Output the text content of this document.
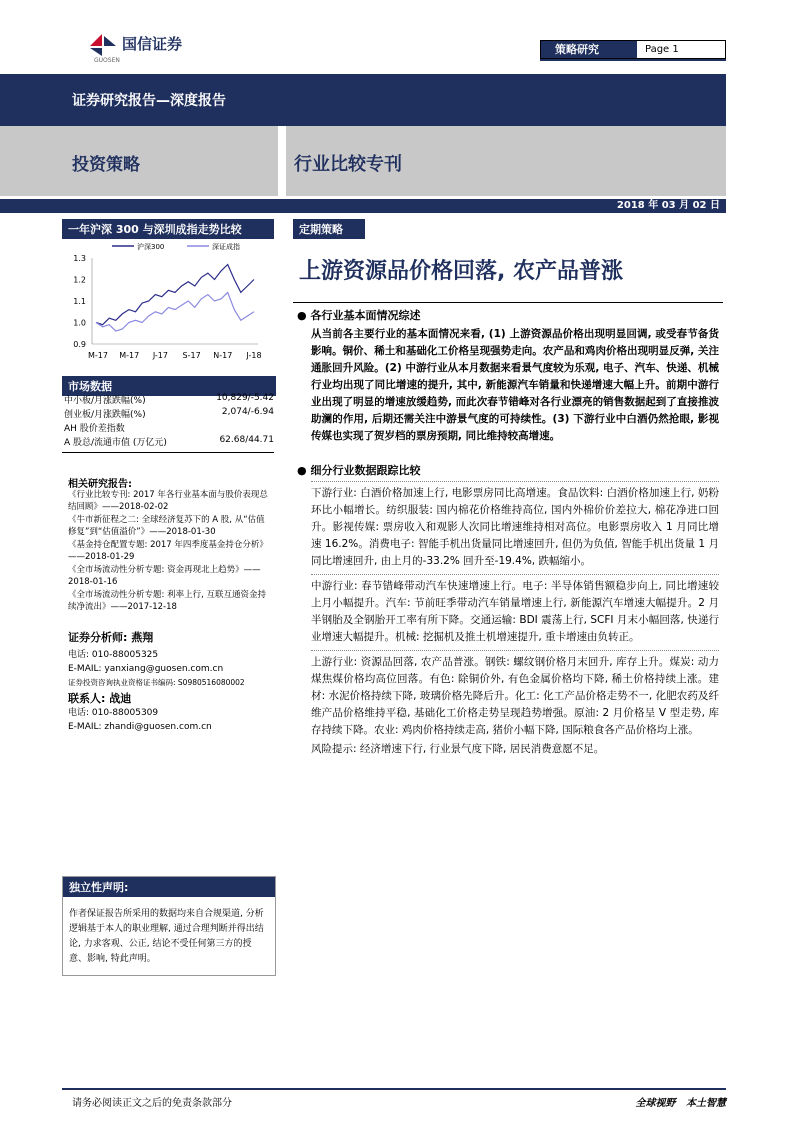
国信证券
GUOSEN
策略研究	Page 1
证券研究报告—深度报告
投资策略	行业比较专刊
2018 年 03 月 02 日
一年沪深 300 与深圳成指走势比较
1.3
1.2
1.1
1.0
0.9
M-17 M-17 J-17 S-17 N-17 J-18
沪深300	深证成指
市场数据
中小板/月涨跌幅(%)	10,829/-5.42
创业板/月涨跌幅(%)	2,074/-6.94
AH 股价差指数
A 股总/流通市值 (万亿元)	62.68/44.71
相关研究报告:
《行业比较专刊: 2017 年各行业基本面与股价表现总结回顾》——2018-02-02
《牛市新征程之二: 全球经济复苏下的 A 股, 从“估值修复”到“估值溢价”》——2018-01-30
《基金持仓配置专题: 2017 年四季度基金持仓分析》——2018-01-29
《全市场流动性分析专题: 资金再现北上趋势》——2018-01-16
《全市场流动性分析专题: 利率上行, 互联互通资金持续净流出》——2017-12-18
证券分析师: 燕翔
电话: 010-88005325
E-MAIL: yanxiang@guosen.com.cn
证券投资咨询执业资格证书编码: S0980516080002
联系人: 战迪
电话: 010-88005309
E-MAIL: zhandi@guosen.com.cn
独立性声明:
作者保证报告所采用的数据均来自合规渠道, 分析逻辑基于本人的职业理解, 通过合理判断并得出结论, 力求客观、公正, 结论不受任何第三方的授意、影响, 特此声明。
定期策略
上游资源品价格回落, 农产品普涨
● 各行业基本面情况综述
从当前各主要行业的基本面情况来看, (1) 上游资源品价格出现明显回调, 或受春节备货影响。铜价、稀土和基础化工价格呈现强势走向。农产品和鸡肉价格出现明显反弹, 关注通胀回升风险。(2) 中游行业从本月数据来看景气度较为乐观, 电子、汽车、快递、机械行业均出现了同比增速的提升, 其中, 新能源汽车销量和快递增速大幅上升。前期中游行业出现了明显的增速放缓趋势, 而此次春节错峰对各行业漂亮的销售数据起到了直接推波助澜的作用, 后期还需关注中游景气度的可持续性。(3) 下游行业中白酒仍然抢眼, 影视传媒也实现了贺岁档的票房预期, 同比维持较高增速。
● 细分行业数据跟踪比较
下游行业: 白酒价格加速上行, 电影票房同比高增速。食品饮料: 白酒价格加速上行, 奶粉环比小幅增长。纺织服装: 国内棉花价格维持高位, 国内外棉价价差拉大, 棉花净进口回升。影视传媒: 票房收入和观影人次同比增速维持相对高位。电影票房收入 1 月同比增速 16.2%。消费电子: 智能手机出货量同比增速回升, 但仍为负值, 智能手机出货量 1 月同比增速回升, 由上月的-33.2% 回升至-19.4%, 跌幅缩小。
中游行业: 春节错峰带动汽车快速增速上行。电子: 半导体销售额稳步向上, 同比增速较上月小幅提升。汽车: 节前旺季带动汽车销量增速上行, 新能源汽车增速大幅提升。2 月半钢胎及全钢胎开工率有所下降。交通运输: BDI 震荡上行, SCFI 月末小幅回落, 快递行业增速大幅提升。机械: 挖掘机及推土机增速提升, 重卡增速由负转正。
上游行业: 资源品回落, 农产品普涨。钢铁: 螺纹钢价格月末回升, 库存上升。煤炭: 动力煤焦煤价格均高位回落。有色: 除铜价外, 有色金属价格均下降, 稀土价格持续上涨。建材: 水泥价格持续下降, 玻璃价格先降后升。化工: 化工产品价格走势不一, 化肥农药及纤维产品价格维持平稳, 基础化工价格走势呈现趋势增强。原油: 2 月价格呈 V 型走势, 库存持续下降。农业: 鸡肉价格持续走高, 猪价小幅下降, 国际粮食各产品价格均上涨。
风险提示: 经济增速下行, 行业景气度下降, 居民消费意愿不足。
请务必阅读正文之后的免责条款部分	全球视野   本土智慧
